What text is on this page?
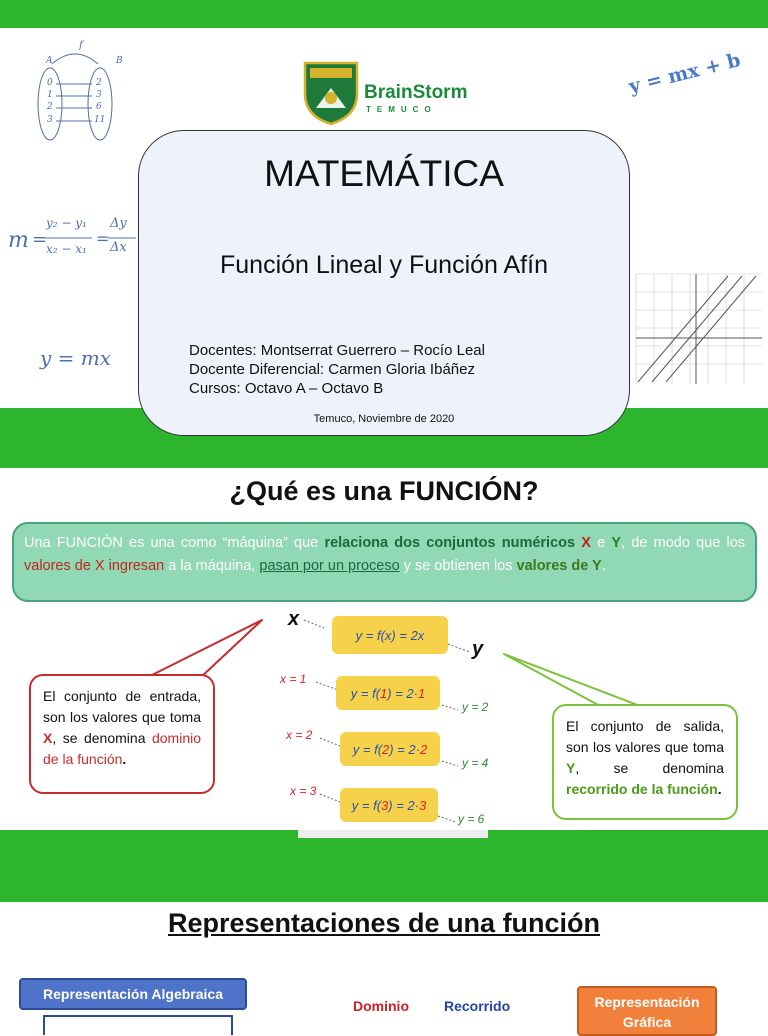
A	B
f
0
1
2
3
2
3
6
11
m =
y₂ − y₁
x₂ − x₁
=
Δy
Δx
y = mx
y = mx + b
BrainStorm
TEMUCO
MATEMÁTICA
Función Lineal y Función Afín
Docentes: Montserrat Guerrero – Rocío Leal
Docente Diferencial: Carmen Gloria Ibáñez
Cursos: Octavo A – Octavo B
Temuco, Noviembre de 2020
¿Qué es una FUNCIÓN?
Una FUNCIÓN es una como “máquina” que relaciona dos conjuntos numéricos X e Y, de modo que los valores de X ingresan a la máquina, pasan por un proceso y se obtienen los valores de Y.
El conjunto de entrada, son los valores que toma X, se denomina dominio de la función.
El conjunto de salida, son los valores que toma Y, se denomina recorrido de la función.
x
y
y = f(x) = 2x
x = 1
y = f( 1 ) = 2· 1
y = 2
x = 2
y = f( 2 ) = 2· 2
y = 4
x = 3
y = f( 3 ) = 2· 3
y = 6
Representaciones de una función
Representación Algebraica
Dominio	Recorrido	Representación
Gráfica
